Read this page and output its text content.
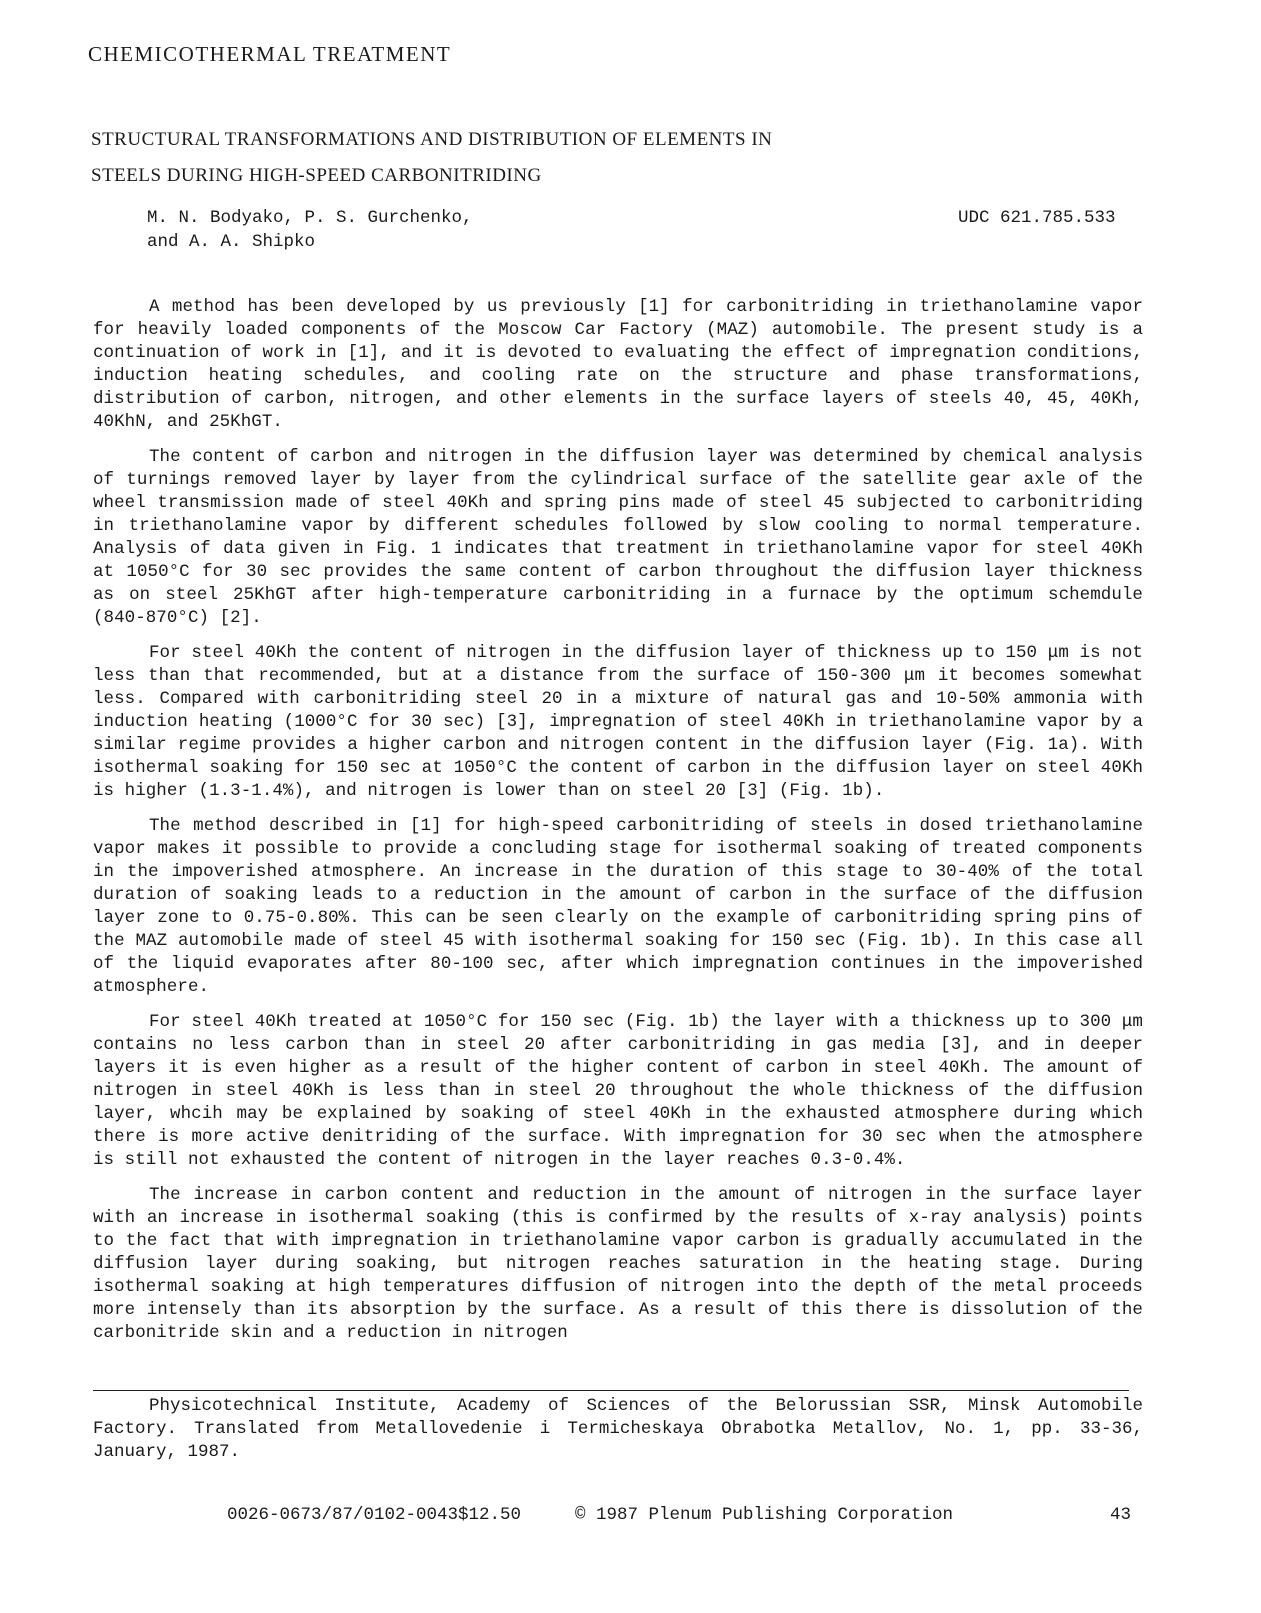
CHEMICOTHERMAL TREATMENT
STRUCTURAL TRANSFORMATIONS AND DISTRIBUTION OF ELEMENTS IN
STEELS DURING HIGH-SPEED CARBONITRIDING
M. N. Bodyako, P. S. Gurchenko,
and A. A. Shipko
UDC 621.785.533

A method has been developed by us previously [1] for carbonitriding in triethanolamine vapor for heavily loaded components of the Moscow Car Factory (MAZ) automobile. The present study is a continuation of work in [1], and it is devoted to evaluating the effect of impregnation conditions, induction heating schedules, and cooling rate on the structure and phase transformations, distribution of carbon, nitrogen, and other elements in the surface layers of steels 40, 45, 40Kh, 40KhN, and 25KhGT.

The content of carbon and nitrogen in the diffusion layer was determined by chemical analysis of turnings removed layer by layer from the cylindrical surface of the satellite gear axle of the wheel transmission made of steel 40Kh and spring pins made of steel 45 subjected to carbonitriding in triethanolamine vapor by different schedules followed by slow cooling to normal temperature. Analysis of data given in Fig. 1 indicates that treatment in triethanolamine vapor for steel 40Kh at 1050°C for 30 sec provides the same content of carbon throughout the diffusion layer thickness as on steel 25KhGT after high-temperature carbonitriding in a furnace by the optimum schemdule (840-870°C) [2].

For steel 40Kh the content of nitrogen in the diffusion layer of thickness up to 150 μm is not less than that recommended, but at a distance from the surface of 150-300 μm it becomes somewhat less. Compared with carbonitriding steel 20 in a mixture of natural gas and 10-50% ammonia with induction heating (1000°C for 30 sec) [3], impregnation of steel 40Kh in triethanolamine vapor by a similar regime provides a higher carbon and nitrogen content in the diffusion layer (Fig. 1a). With isothermal soaking for 150 sec at 1050°C the content of carbon in the diffusion layer on steel 40Kh is higher (1.3-1.4%), and nitrogen is lower than on steel 20 [3] (Fig. 1b).

The method described in [1] for high-speed carbonitriding of steels in dosed triethanolamine vapor makes it possible to provide a concluding stage for isothermal soaking of treated components in the impoverished atmosphere. An increase in the duration of this stage to 30-40% of the total duration of soaking leads to a reduction in the amount of carbon in the surface of the diffusion layer zone to 0.75-0.80%. This can be seen clearly on the example of carbonitriding spring pins of the MAZ automobile made of steel 45 with isothermal soaking for 150 sec (Fig. 1b). In this case all of the liquid evaporates after 80-100 sec, after which impregnation continues in the impoverished atmosphere.

For steel 40Kh treated at 1050°C for 150 sec (Fig. 1b) the layer with a thickness up to 300 μm contains no less carbon than in steel 20 after carbonitriding in gas media [3], and in deeper layers it is even higher as a result of the higher content of carbon in steel 40Kh. The amount of nitrogen in steel 40Kh is less than in steel 20 throughout the whole thickness of the diffusion layer, whcih may be explained by soaking of steel 40Kh in the exhausted atmosphere during which there is more active denitriding of the surface. With impregnation for 30 sec when the atmosphere is still not exhausted the content of nitrogen in the layer reaches 0.3-0.4%.

The increase in carbon content and reduction in the amount of nitrogen in the surface layer with an increase in isothermal soaking (this is confirmed by the results of x-ray analysis) points to the fact that with impregnation in triethanolamine vapor carbon is gradually accumulated in the diffusion layer during soaking, but nitrogen reaches saturation in the heating stage. During isothermal soaking at high temperatures diffusion of nitrogen into the depth of the metal proceeds more intensely than its absorption by the surface. As a result of this there is dissolution of the carbonitride skin and a reduction in nitrogen

Physicotechnical Institute, Academy of Sciences of the Belorussian SSR, Minsk Automobile Factory. Translated from Metallovedenie i Termicheskaya Obrabotka Metallov, No. 1, pp. 33-36, January, 1987.

0026-0673/87/0102-0043$12.50	© 1987 Plenum Publishing Corporation	43
